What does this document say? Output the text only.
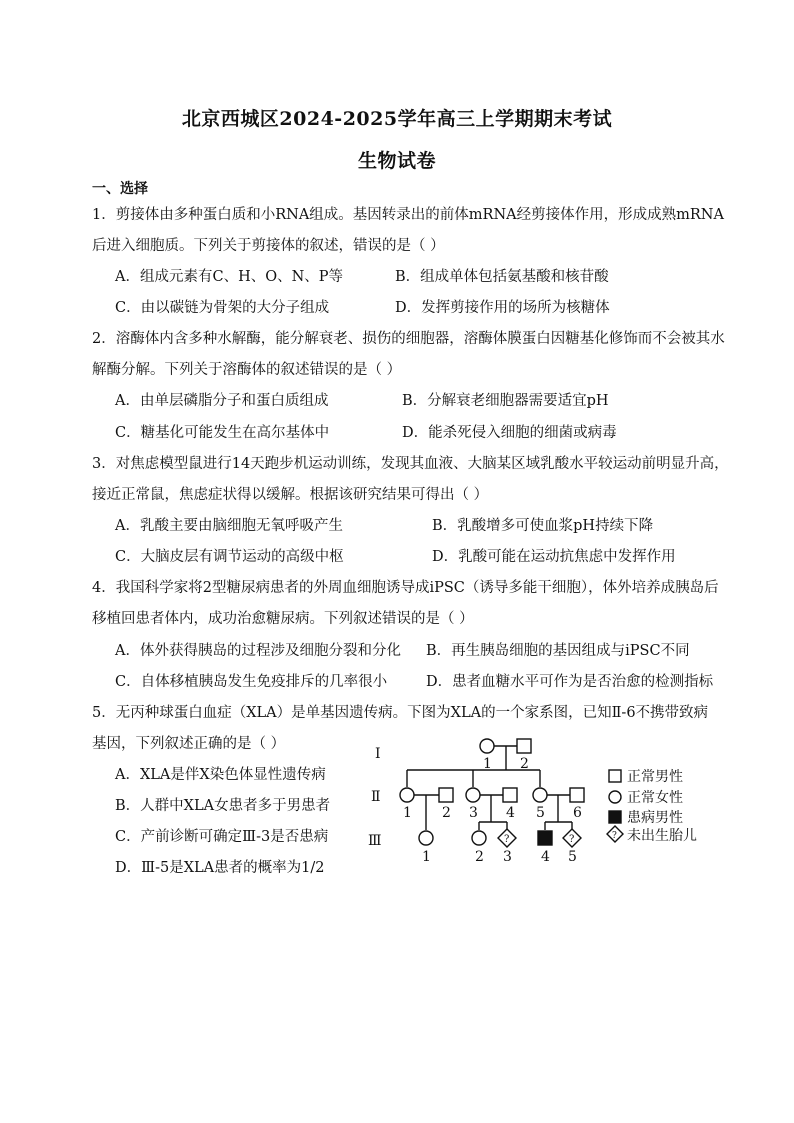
北京西城区2024-2025学年高三上学期期末考试
生物试卷
一、选择
1．剪接体由多种蛋白质和小RNA组成。基因转录出的前体mRNA经剪接体作用，形成成熟mRNA
后进入细胞质。下列关于剪接体的叙述，错误的是（ ）
A．组成元素有C、H、O、N、P等	B．组成单体包括氨基酸和核苷酸
C．由以碳链为骨架的大分子组成	D．发挥剪接作用的场所为核糖体
2．溶酶体内含多种水解酶，能分解衰老、损伤的细胞器，溶酶体膜蛋白因糖基化修饰而不会被其水
解酶分解。下列关于溶酶体的叙述错误的是（ ）
A．由单层磷脂分子和蛋白质组成	B．分解衰老细胞器需要适宜pH
C．糖基化可能发生在高尔基体中	D．能杀死侵入细胞的细菌或病毒
3．对焦虑模型鼠进行14天跑步机运动训练，发现其血液、大脑某区域乳酸水平较运动前明显升高，
接近正常鼠，焦虑症状得以缓解。根据该研究结果可得出（ ）
A．乳酸主要由脑细胞无氧呼吸产生	B．乳酸增多可使血浆pH持续下降
C．大脑皮层有调节运动的高级中枢	D．乳酸可能在运动抗焦虑中发挥作用
4．我国科学家将2型糖尿病患者的外周血细胞诱导成iPSC（诱导多能干细胞），体外培养成胰岛后
移植回患者体内，成功治愈糖尿病。下列叙述错误的是（ ）
A．体外获得胰岛的过程涉及细胞分裂和分化 B．再生胰岛细胞的基因组成与iPSC不同
C．自体移植胰岛发生免疫排斥的几率很小	D．患者血糖水平可作为是否治愈的检测指标
5．无丙种球蛋白血症（XLA）是单基因遗传病。下图为XLA的一个家系图，已知Ⅱ-6不携带致病
基因，下列叙述正确的是（ ）
A．XLA是伴X染色体显性遗传病
B．人群中XLA女患者多于男患者
C．产前诊断可确定Ⅲ-3是否患病
D．Ⅲ-5是XLA患者的概率为1/2
Ⅰ
Ⅱ
Ⅲ
1 2
1 2 3 4 5 6
1	2 3 4 5
?	?	?
正常男性
正常女性
患病男性
未出生胎儿
